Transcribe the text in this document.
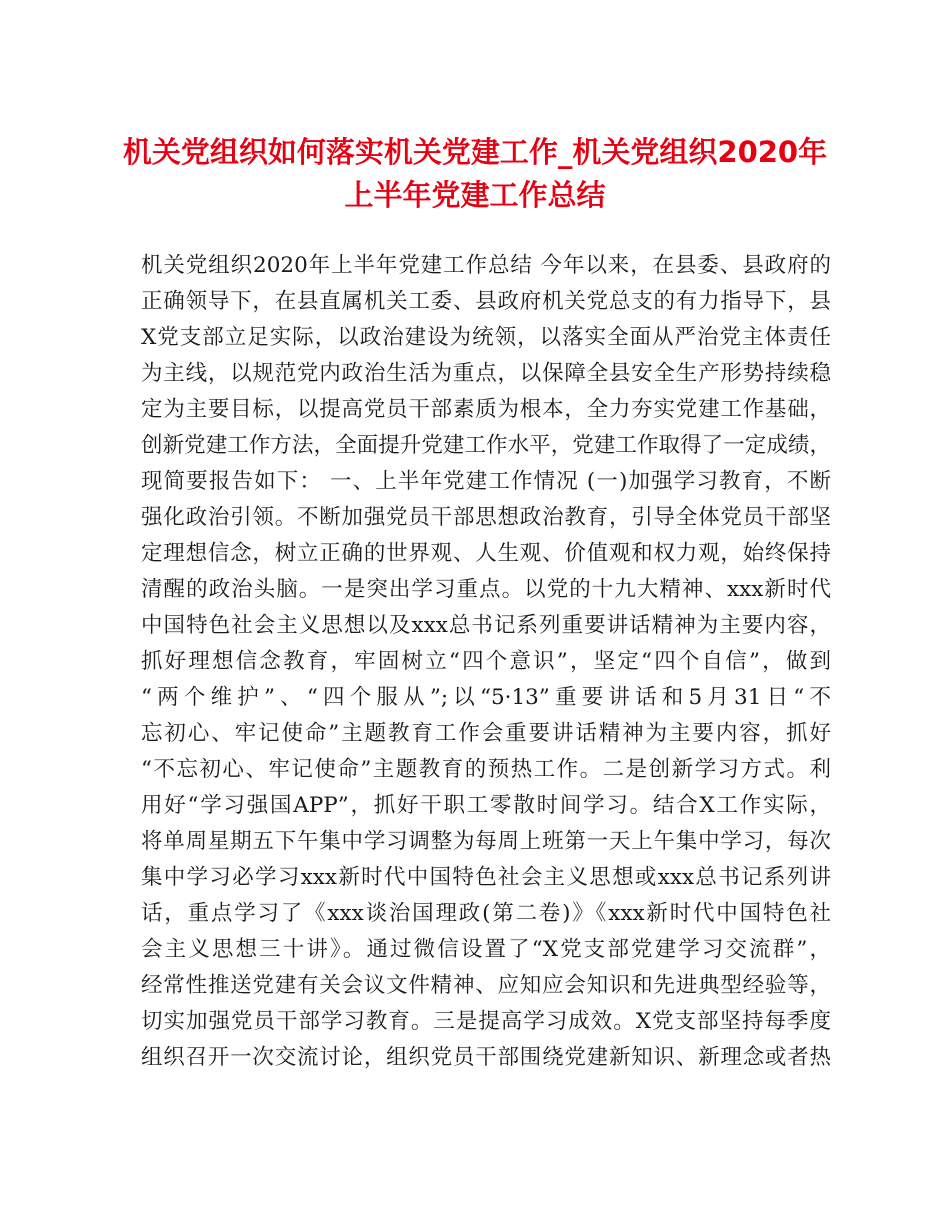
机关党组织如何落实机关党建工作_机关党组织2020年
上半年党建工作总结
机关党组织2020年上半年党建工作总结 今年以来，在县委、县政府的
正确领导下，在县直属机关工委、县政府机关党总支的有力指导下，县
X党支部立足实际，以政治建设为统领，以落实全面从严治党主体责任
为主线，以规范党内政治生活为重点，以保障全县安全生产形势持续稳
定为主要目标，以提高党员干部素质为根本，全力夯实党建工作基础，
创新党建工作方法，全面提升党建工作水平，党建工作取得了一定成绩，
现简要报告如下： 一、上半年党建工作情况 (一)加强学习教育，不断
强化政治引领。不断加强党员干部思想政治教育，引导全体党员干部坚
定理想信念，树立正确的世界观、人生观、价值观和权力观，始终保持
清醒的政治头脑。一是突出学习重点。以党的十九大精神、xxx新时代
中国特色社会主义思想以及xxx总书记系列重要讲话精神为主要内容，
抓好理想信念教育，牢固树立“四个意识”，坚定“四个自信”，做到
“两个维护”、“四个服从”;以“5·13”重要讲话和5月31日“不
忘初心、牢记使命”主题教育工作会重要讲话精神为主要内容，抓好
“不忘初心、牢记使命”主题教育的预热工作。二是创新学习方式。利
用好“学习强国APP”，抓好干职工零散时间学习。结合X工作实际，
将单周星期五下午集中学习调整为每周上班第一天上午集中学习，每次
集中学习必学习xxx新时代中国特色社会主义思想或xxx总书记系列讲
话，重点学习了《xxx谈治国理政(第二卷)》《xxx新时代中国特色社
会主义思想三十讲》。通过微信设置了“X党支部党建学习交流群”，
经常性推送党建有关会议文件精神、应知应会知识和先进典型经验等，
切实加强党员干部学习教育。三是提高学习成效。X党支部坚持每季度
组织召开一次交流讨论，组织党员干部围绕党建新知识、新理念或者热
